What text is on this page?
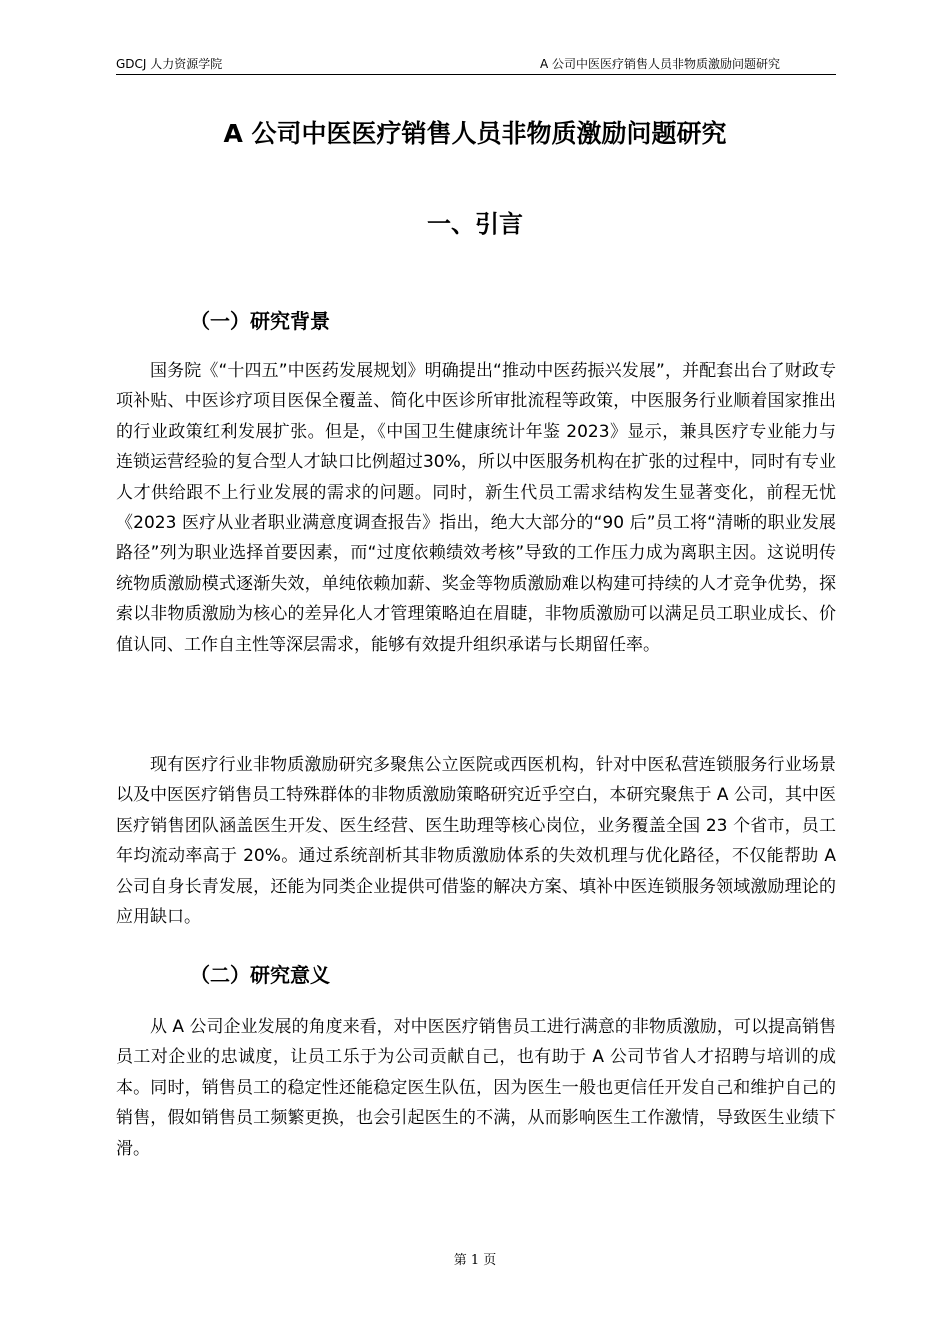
GDCJ 人力资源学院	A 公司中医医疗销售人员非物质激励问题研究
A 公司中医医疗销售人员非物质激励问题研究
一、引言
（一）研究背景

国务院《“十四五”中医药发展规划》明确提出“推动中医药振兴发展”，并配套出台了财政专项补贴、中医诊疗项目医保全覆盖、简化中医诊所审批流程等政策，中医服务行业顺着国家推出的行业政策红利发展扩张。但是，《中国卫生健康统计年鉴 2023》显示，兼具医疗专业能力与连锁运营经验的复合型人才缺口比例超过30%，所以中医服务机构在扩张的过程中，同时有专业人才供给跟不上行业发展的需求的问题。同时，新生代员工需求结构发生显著变化，前程无忧《2023 医疗从业者职业满意度调查报告》指出，绝大大部分的“90 后”员工将“清晰的职业发展路径”列为职业选择首要因素，而“过度依赖绩效考核”导致的工作压力成为离职主因。这说明传统物质激励模式逐渐失效，单纯依赖加薪、奖金等物质激励难以构建可持续的人才竞争优势，探索以非物质激励为核心的差异化人才管理策略迫在眉睫，非物质激励可以满足员工职业成长、价值认同、工作自主性等深层需求，能够有效提升组织承诺与长期留任率。

现有医疗行业非物质激励研究多聚焦公立医院或西医机构，针对中医私营连锁服务行业场景以及中医医疗销售员工特殊群体的非物质激励策略研究近乎空白，本研究聚焦于 A 公司，其中医医疗销售团队涵盖医生开发、医生经营、医生助理等核心岗位，业务覆盖全国 23 个省市，员工年均流动率高于 20%。通过系统剖析其非物质激励体系的失效机理与优化路径，不仅能帮助 A 公司自身长青发展，还能为同类企业提供可借鉴的解决方案、填补中医连锁服务领域激励理论的应用缺口。

（二）研究意义

从 A 公司企业发展的角度来看，对中医医疗销售员工进行满意的非物质激励，可以提高销售员工对企业的忠诚度，让员工乐于为公司贡献自己，也有助于 A 公司节省人才招聘与培训的成本。同时，销售员工的稳定性还能稳定医生队伍，因为医生一般也更信任开发自己和维护自己的销售，假如销售员工频繁更换，也会引起医生的不满，从而影响医生工作激情，导致医生业绩下滑。

第 1 页
